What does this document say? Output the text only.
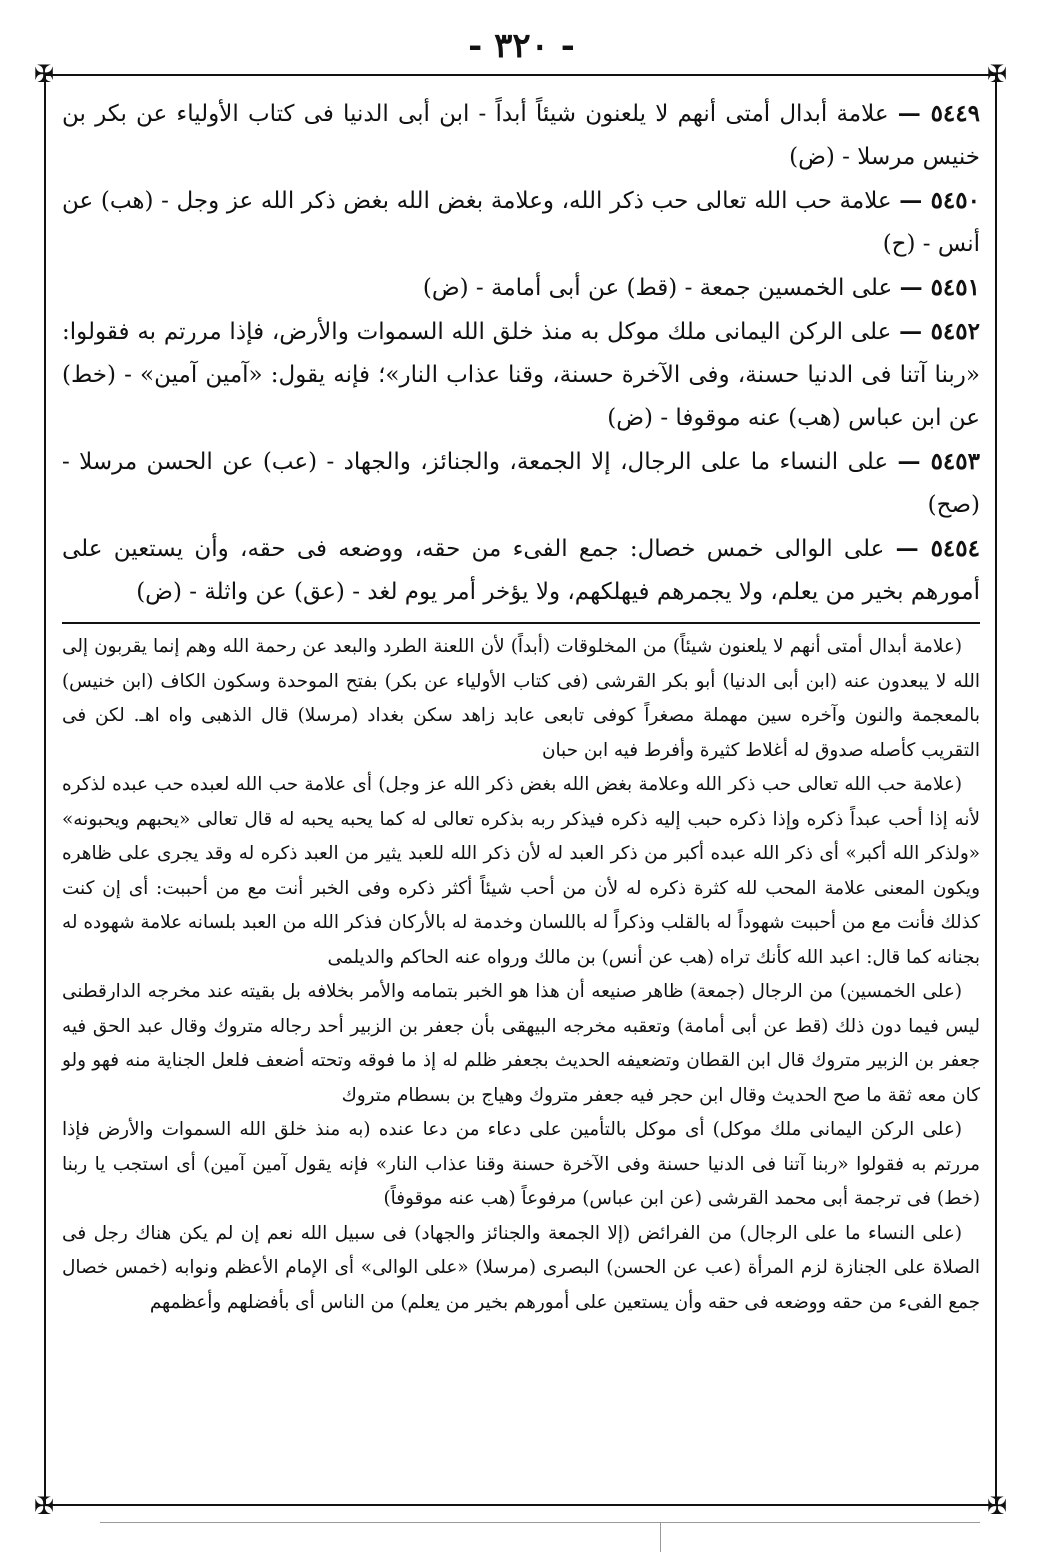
- ٣٢٠ -
✠	✠
✠	✠

٥٤٤٩ — علامة أبدال أمتى أنهم لا يلعنون شيئاً أبداً - ابن أبى الدنيا فى كتاب الأولياء عن بكر بن خنيس مرسلا - (ض)

٥٤٥٠ — علامة حب الله تعالى حب ذكر الله، وعلامة بغض الله بغض ذكر الله عز وجل - (هب) عن أنس - (ح)

٥٤٥١ — على الخمسين جمعة - (قط) عن أبى أمامة - (ض)

٥٤٥٢ — على الركن اليمانى ملك موكل به منذ خلق الله السموات والأرض، فإذا مررتم به فقولوا: «ربنا آتنا فى الدنيا حسنة، وفى الآخرة حسنة، وقنا عذاب النار»؛ فإنه يقول: «آمين آمين» - (خط) عن ابن عباس (هب) عنه موقوفا - (ض)

٥٤٥٣ — على النساء ما على الرجال، إلا الجمعة، والجنائز، والجهاد - (عب) عن الحسن مرسلا - (صح)

٥٤٥٤ — على الوالى خمس خصال: جمع الفىء من حقه، ووضعه فى حقه، وأن يستعين على أمورهم بخير من يعلم، ولا يجمرهم فيهلكهم، ولا يؤخر أمر يوم لغد - (عق) عن واثلة - (ض)

(علامة أبدال أمتى أنهم لا يلعنون شيئاً) من المخلوقات (أبداً) لأن اللعنة الطرد والبعد عن رحمة الله وهم إنما يقربون إلى الله لا يبعدون عنه (ابن أبى الدنيا) أبو بكر القرشى (فى كتاب الأولياء عن بكر) بفتح الموحدة وسكون الكاف (ابن خنيس) بالمعجمة والنون وآخره سين مهملة مصغراً كوفى تابعى عابد زاهد سكن بغداد (مرسلا) قال الذهبى واه اهـ. لكن فى التقريب كأصله صدوق له أغلاط كثيرة وأفرط فيه ابن حبان

(علامة حب الله تعالى حب ذكر الله وعلامة بغض الله بغض ذكر الله عز وجل) أى علامة حب الله لعبده حب عبده لذكره لأنه إذا أحب عبداً ذكره وإذا ذكره حبب إليه ذكره فيذكر ربه بذكره تعالى له كما يحبه يحبه له قال تعالى «يحبهم ويحبونه» «ولذكر الله أكبر» أى ذكر الله عبده أكبر من ذكر العبد له لأن ذكر الله للعبد يثير من العبد ذكره له وقد يجرى على ظاهره ويكون المعنى علامة المحب لله كثرة ذكره له لأن من أحب شيئاً أكثر ذكره وفى الخبر أنت مع من أحببت: أى إن كنت كذلك فأنت مع من أحببت شهوداً له بالقلب وذكراً له باللسان وخدمة له بالأركان فذكر الله من العبد بلسانه علامة شهوده له بجنانه كما قال: اعبد الله كأنك تراه (هب عن أنس) بن مالك ورواه عنه الحاكم والديلمى

(على الخمسين) من الرجال (جمعة) ظاهر صنيعه أن هذا هو الخبر بتمامه والأمر بخلافه بل بقيته عند مخرجه الدارقطنى ليس فيما دون ذلك (قط عن أبى أمامة) وتعقبه مخرجه البيهقى بأن جعفر بن الزبير أحد رجاله متروك وقال عبد الحق فيه جعفر بن الزبير متروك قال ابن القطان وتضعيفه الحديث بجعفر ظلم له إذ ما فوقه وتحته أضعف فلعل الجناية منه فهو ولو كان معه ثقة ما صح الحديث وقال ابن حجر فيه جعفر متروك وهياج بن بسطام متروك

(على الركن اليمانى ملك موكل) أى موكل بالتأمين على دعاء من دعا عنده (به منذ خلق الله السموات والأرض فإذا مررتم به فقولوا «ربنا آتنا فى الدنيا حسنة وفى الآخرة حسنة وقنا عذاب النار» فإنه يقول آمين آمين) أى استجب يا ربنا (خط) فى ترجمة أبى محمد القرشى (عن ابن عباس) مرفوعاً (هب عنه موقوفاً)

(على النساء ما على الرجال) من الفرائض (إلا الجمعة والجنائز والجهاد) فى سبيل الله نعم إن لم يكن هناك رجل فى الصلاة على الجنازة لزم المرأة (عب عن الحسن) البصرى (مرسلا) «على الوالى» أى الإمام الأعظم ونوابه (خمس خصال جمع الفىء من حقه ووضعه فى حقه وأن يستعين على أمورهم بخير من يعلم) من الناس أى بأفضلهم وأعظمهم
